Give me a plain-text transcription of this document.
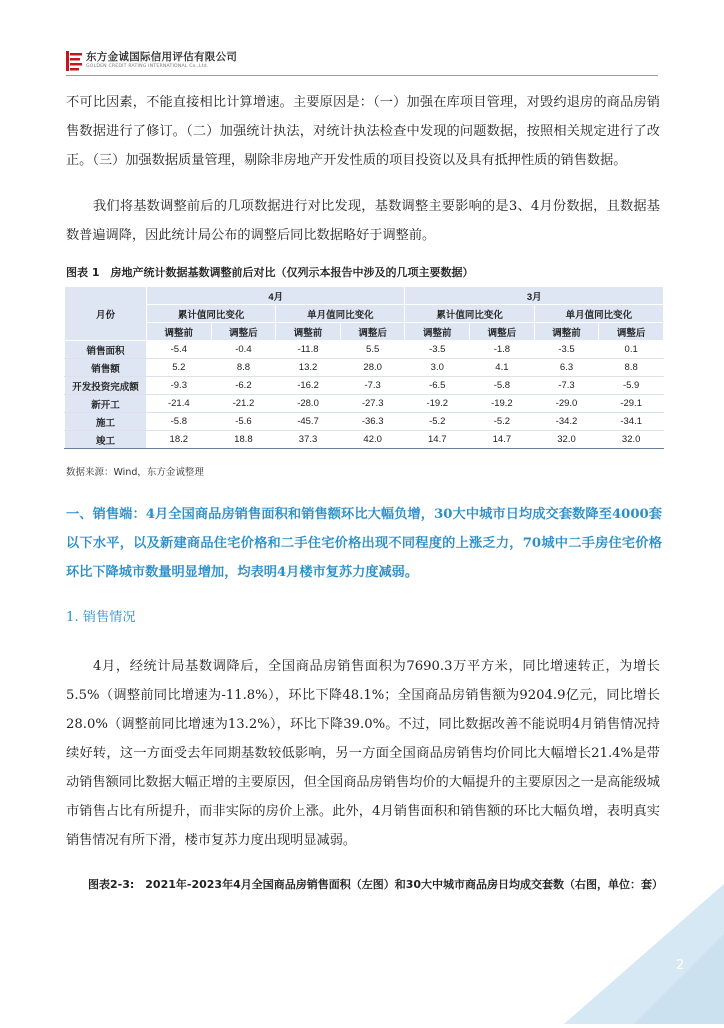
东方金诚国际信用评估有限公司
GOLDEN CREDIT RATING INTERNATIONAL Co.,Ltd.

不可比因素，不能直接相比计算增速。主要原因是：（一）加强在库项目管理，对毁约退房的商品房销售数据进行了修订。（二）加强统计执法，对统计执法检查中发现的问题数据，按照相关规定进行了改正。（三）加强数据质量管理，剔除非房地产开发性质的项目投资以及具有抵押性质的销售数据。

我们将基数调整前后的几项数据进行对比发现，基数调整主要影响的是3、4月份数据，且数据基数普遍调降，因此统计局公布的调整后同比数据略好于调整前。

图表 1　房地产统计数据基数调整前后对比（仅列示本报告中涉及的几项主要数据）
月份	4月				3月			
	累计值同比变化		单月值同比变化		累计值同比变化		单月值同比变化	
	调整前	调整后	调整前	调整后	调整前	调整后	调整前	调整后
销售面积	-5.4	-0.4	-11.8	5.5	-3.5	-1.8	-3.5	0.1
销售额	5.2	8.8	13.2	28.0	3.0	4.1	6.3	8.8
开发投资完成额	-9.3	-6.2	-16.2	-7.3	-6.5	-5.8	-7.3	-5.9
新开工	-21.4	-21.2	-28.0	-27.3	-19.2	-19.2	-29.0	-29.1
施工	-5.8	-5.6	-45.7	-36.3	-5.2	-5.2	-34.2	-34.1
竣工	18.2	18.8	37.3	42.0	14.7	14.7	32.0	32.0
数据来源：Wind，东方金诚整理

一、销售端：4月全国商品房销售面积和销售额环比大幅负增，30大中城市日均成交套数降至4000套以下水平，以及新建商品住宅价格和二手住宅价格出现不同程度的上涨乏力，70城中二手房住宅价格环比下降城市数量明显增加，均表明4月楼市复苏力度减弱。

1. 销售情况

4月，经统计局基数调降后，全国商品房销售面积为7690.3万平方米，同比增速转正，为增长5.5%（调整前同比增速为-11.8%），环比下降48.1%；全国商品房销售额为9204.9亿元，同比增长28.0%（调整前同比增速为13.2%），环比下降39.0%。不过，同比数据改善不能说明4月销售情况持续好转，这一方面受去年同期基数较低影响，另一方面全国商品房销售均价同比大幅增长21.4%是带动销售额同比数据大幅正增的主要原因，但全国商品房销售均价的大幅提升的主要原因之一是高能级城市销售占比有所提升，而非实际的房价上涨。此外，4月销售面积和销售额的环比大幅负增，表明真实销售情况有所下滑，楼市复苏力度出现明显减弱。

图表2-3:　2021年-2023年4月全国商品房销售面积（左图）和30大中城市商品房日均成交套数（右图，单位：套）
2
